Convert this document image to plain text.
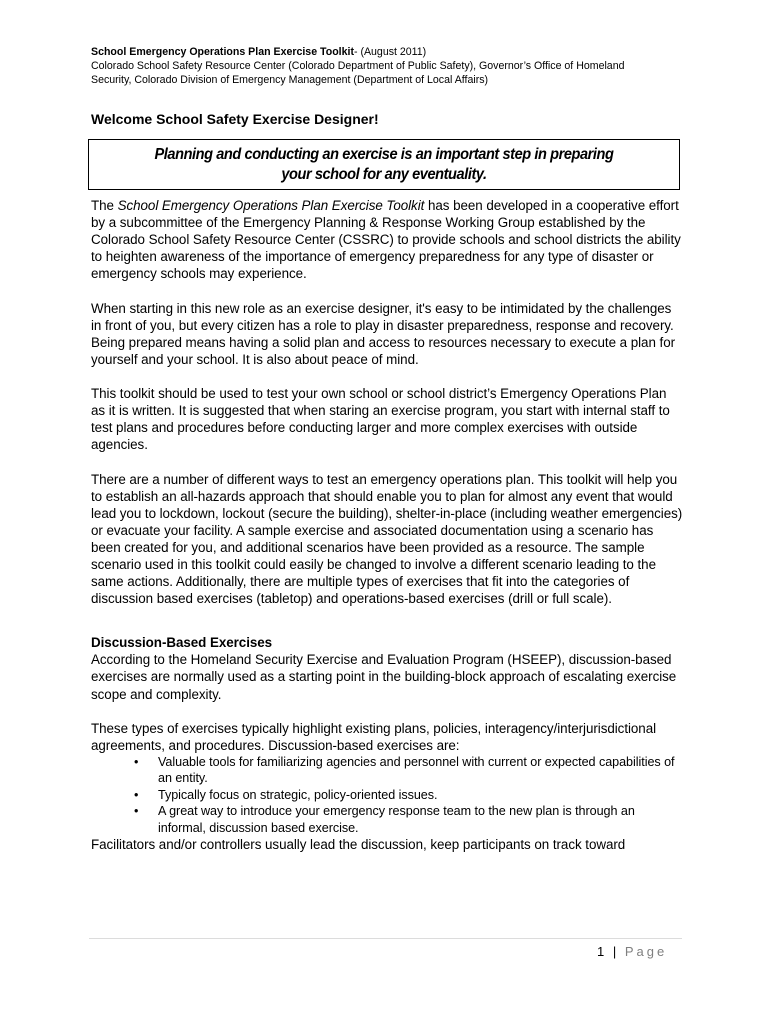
School Emergency Operations Plan Exercise Toolkit- (August 2011)
Colorado School Safety Resource Center (Colorado Department of Public Safety), Governor’s Office of Homeland
Security, Colorado Division of Emergency Management (Department of Local Affairs)
Welcome School Safety Exercise Designer!
Planning and conducting an exercise is an important step in preparing your school for any eventuality.

The School Emergency Operations Plan Exercise Toolkit has been developed in a cooperative effort by a subcommittee of the Emergency Planning & Response Working Group established by the Colorado School Safety Resource Center (CSSRC) to provide schools and school districts the ability to heighten awareness of the importance of emergency preparedness for any type of disaster or emergency schools may experience.

When starting in this new role as an exercise designer, it's easy to be intimidated by the challenges in front of you, but every citizen has a role to play in disaster preparedness, response and recovery. Being prepared means having a solid plan and access to resources necessary to execute a plan for yourself and your school. It is also about peace of mind.

This toolkit should be used to test your own school or school district’s Emergency Operations Plan as it is written. It is suggested that when staring an exercise program, you start with internal staff to test plans and procedures before conducting larger and more complex exercises with outside agencies.

There are a number of different ways to test an emergency operations plan. This toolkit will help you to establish an all-hazards approach that should enable you to plan for almost any event that would lead you to lockdown, lockout (secure the building), shelter-in-place (including weather emergencies) or evacuate your facility. A sample exercise and associated documentation using a scenario has been created for you, and additional scenarios have been provided as a resource. The sample scenario used in this toolkit could easily be changed to involve a different scenario leading to the same actions. Additionally, there are multiple types of exercises that fit into the categories of discussion based exercises (tabletop) and operations-based exercises (drill or full scale).

Discussion-Based Exercises

According to the Homeland Security Exercise and Evaluation Program (HSEEP), discussion-based exercises are normally used as a starting point in the building-block approach of escalating exercise scope and complexity.

These types of exercises typically highlight existing plans, policies, interagency/interjurisdictional agreements, and procedures. Discussion-based exercises are:

• Valuable tools for familiarizing agencies and personnel with current or expected capabilities of an entity.
• Typically focus on strategic, policy-oriented issues.
• A great way to introduce your emergency response team to the new plan is through an informal, discussion based exercise.

Facilitators and/or controllers usually lead the discussion, keep participants on track toward

1 | Page
